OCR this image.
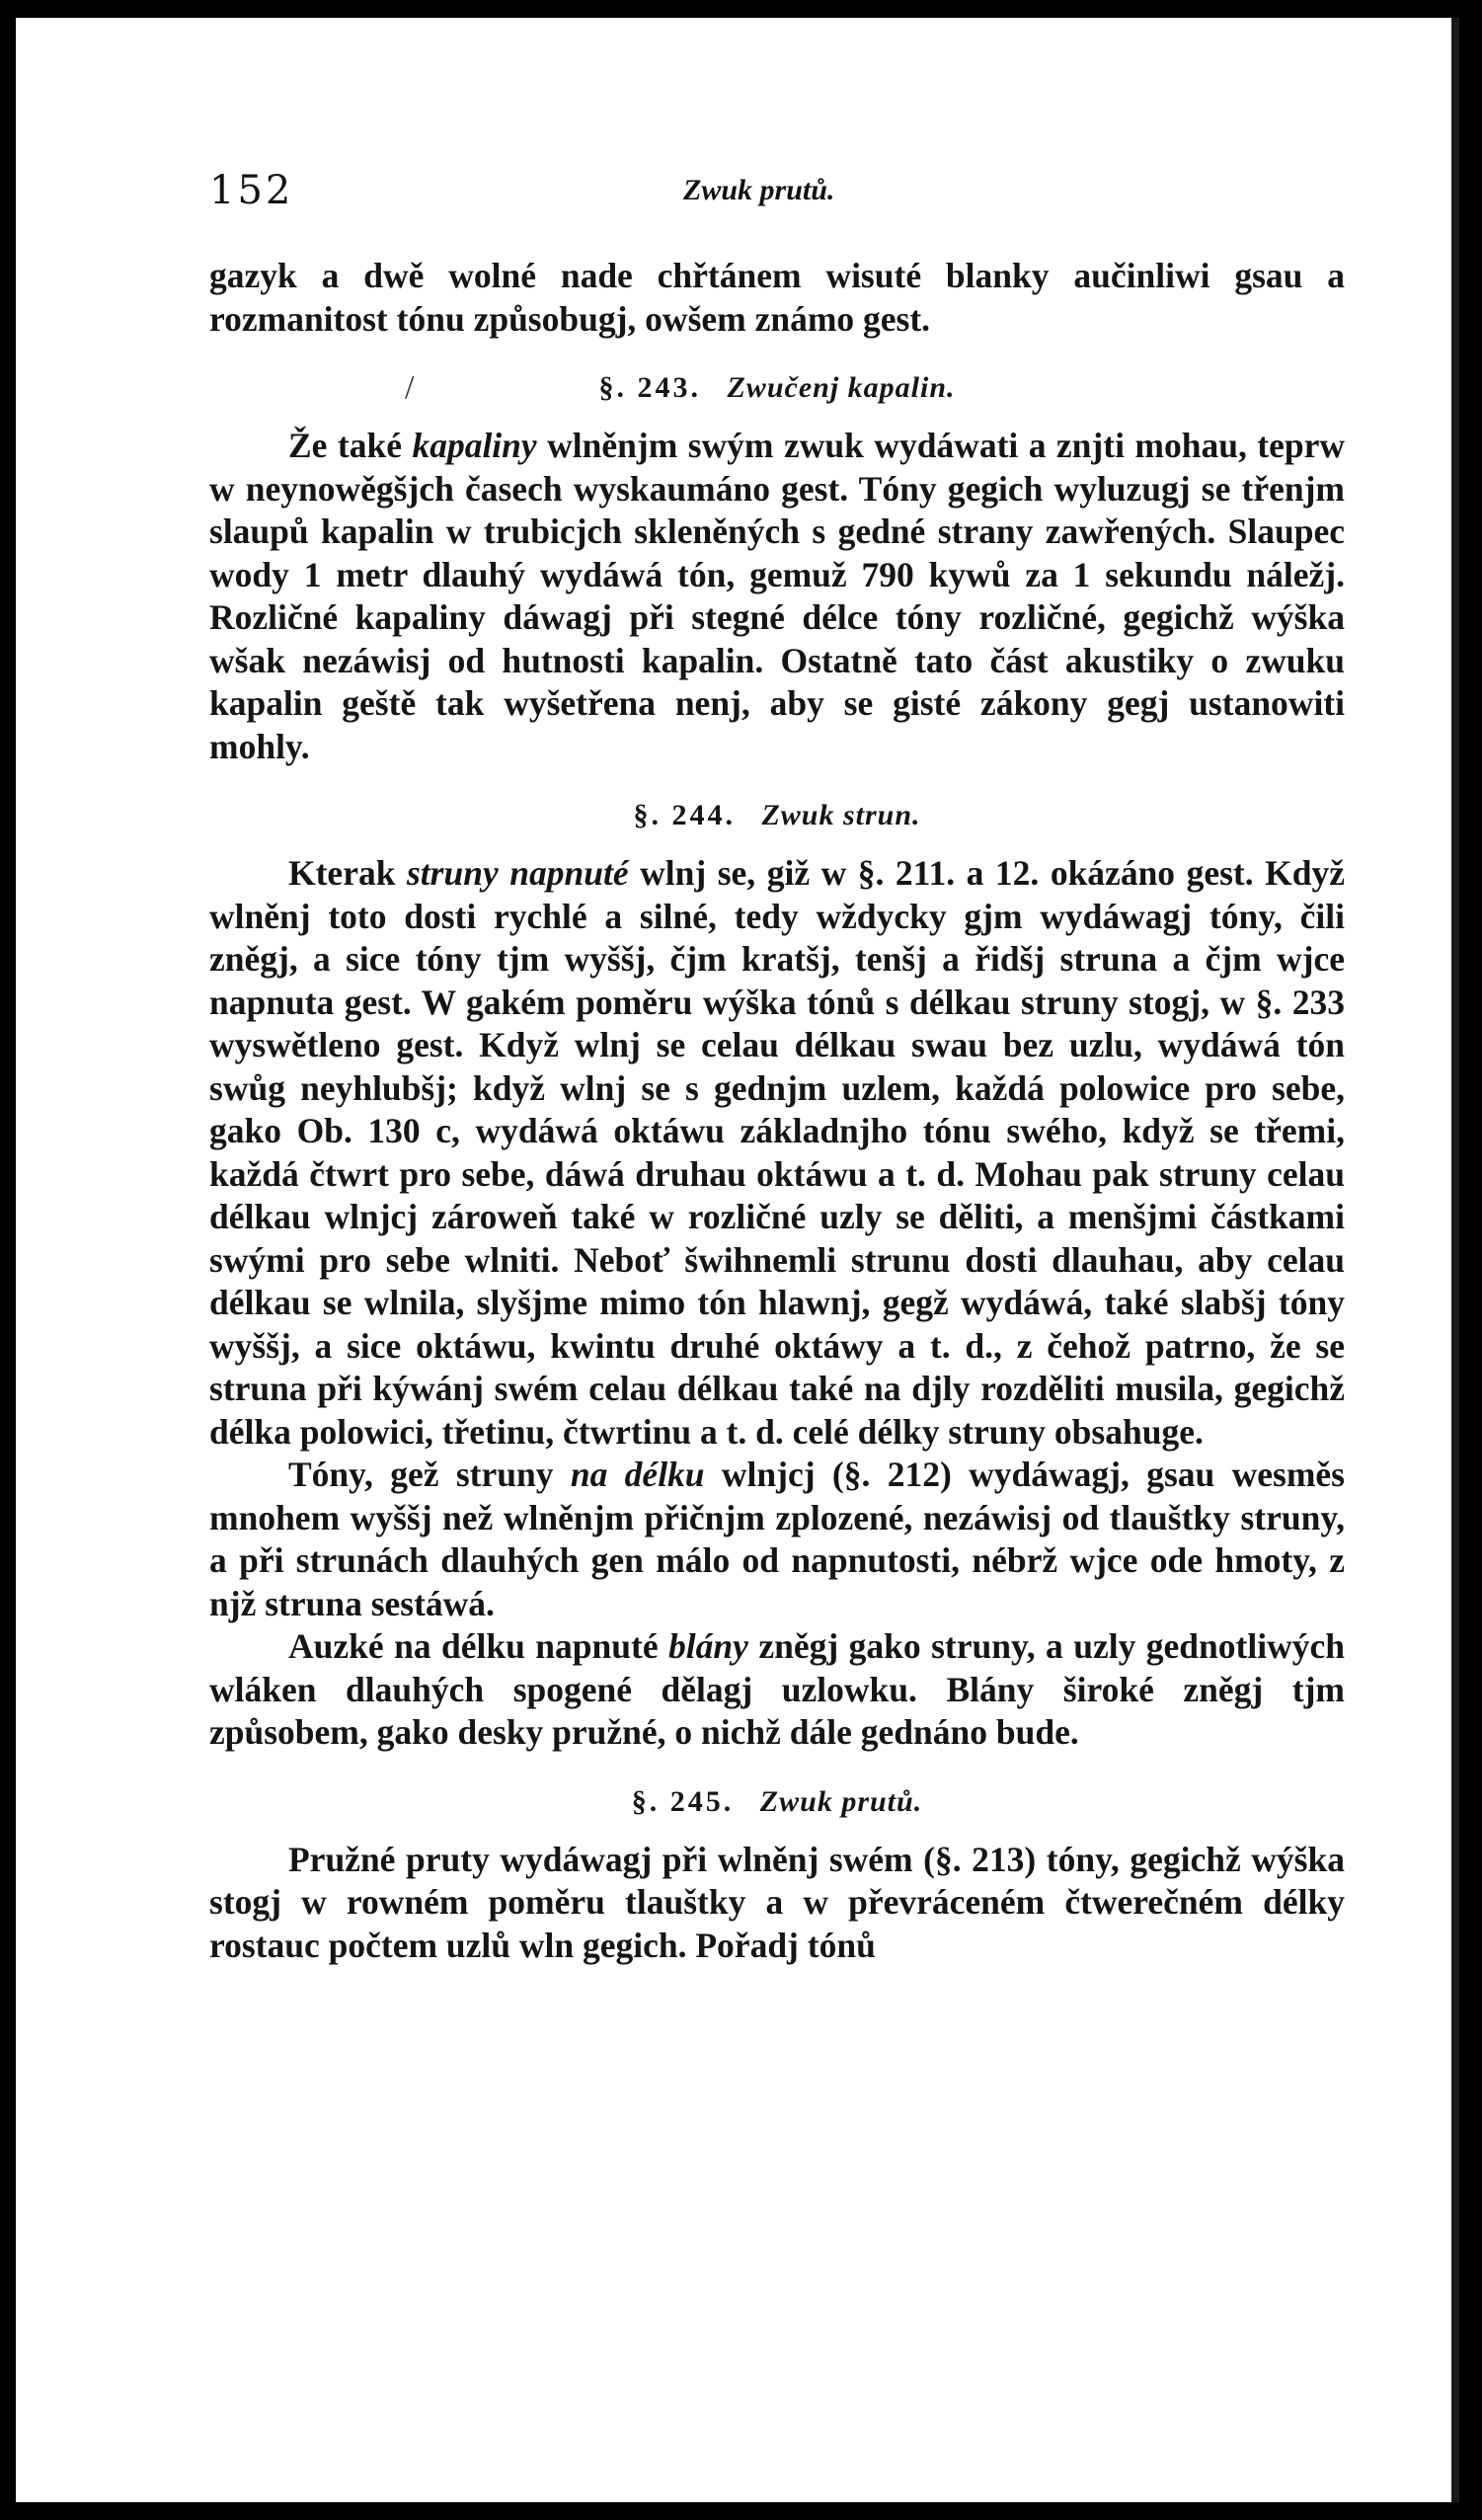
152	Zwuk prutů.

gazyk a dwě wolné nade chřtánem wisuté blanky aučinliwi gsau a rozmanitost tónu způsobugj, owšem známo gest.

/	§. 243. Zwučenj kapalin.

Že také kapaliny wlněnjm swým zwuk wydáwati a znjti mohau, teprw w neynowěgšjch časech wyskaumáno gest. Tóny gegich wyluzugj se třenjm slaupů kapalin w trubicjch skleněných s gedné strany zawřených. Slaupec wody 1 metr dlauhý wydáwá tón, gemuž 790 kywů za 1 sekundu náležj. Rozličné kapaliny dáwagj při stegné délce tóny rozličné, gegichž wýška wšak nezáwisj od hutnosti kapalin. Ostatně tato část akustiky o zwuku kapalin geště tak wyšetřena nenj, aby se gisté zákony gegj ustanowiti mohly.

§. 244. Zwuk strun.

Kterak struny napnuté wlnj se, giž w §. 211. a 12. okázáno gest. Když wlněnj toto dosti rychlé a silné, tedy wždycky gjm wydáwagj tóny, čili zněgj, a sice tóny tjm wyššj, čjm kratšj, tenšj a řidšj struna a čjm wjce napnuta gest. W gakém poměru wýška tónů s délkau struny stogj, w §. 233 wyswětleno gest. Když wlnj se celau délkau swau bez uzlu, wydáwá tón swůg neyhlubšj; když wlnj se s gednjm uzlem, každá polowice pro sebe, gako Ob. 130 c, wydáwá oktáwu základnjho tónu swého, když se třemi, každá čtwrt pro sebe, dáwá druhau oktáwu a t. d. Mohau pak struny celau délkau wlnjcj zároweň také w rozličné uzly se děliti, a menšjmi částkami swými pro sebe wlniti. Neboť šwihnemli strunu dosti dlauhau, aby celau délkau se wlnila, slyšjme mimo tón hlawnj, gegž wydáwá, také slabšj tóny wyššj, a sice oktáwu, kwintu druhé oktáwy a t. d., z čehož patrno, že se struna při kýwánj swém celau délkau také na djly rozděliti musila, gegichž délka polowici, třetinu, čtwrtinu a t. d. celé délky struny obsahuge.

Tóny, gež struny na délku wlnjcj (§. 212) wydáwagj, gsau wesměs mnohem wyššj než wlněnjm přičnjm zplozené, nezáwisj od tlauštky struny, a při strunách dlauhých gen málo od napnutosti, nébrž wjce ode hmoty, z njž struna sestáwá.

Auzké na délku napnuté blány zněgj gako struny, a uzly gednotliwých wláken dlauhých spogené dělagj uzlowku. Blány široké zněgj tjm způsobem, gako desky pružné, o nichž dále gednáno bude.

§. 245. Zwuk prutů.

Pružné pruty wydáwagj při wlněnj swém (§. 213) tóny, gegichž wýška stogj w rowném poměru tlauštky a w převráceném čtwerečném délky rostauc počtem uzlů wln gegich. Pořadj tónů
